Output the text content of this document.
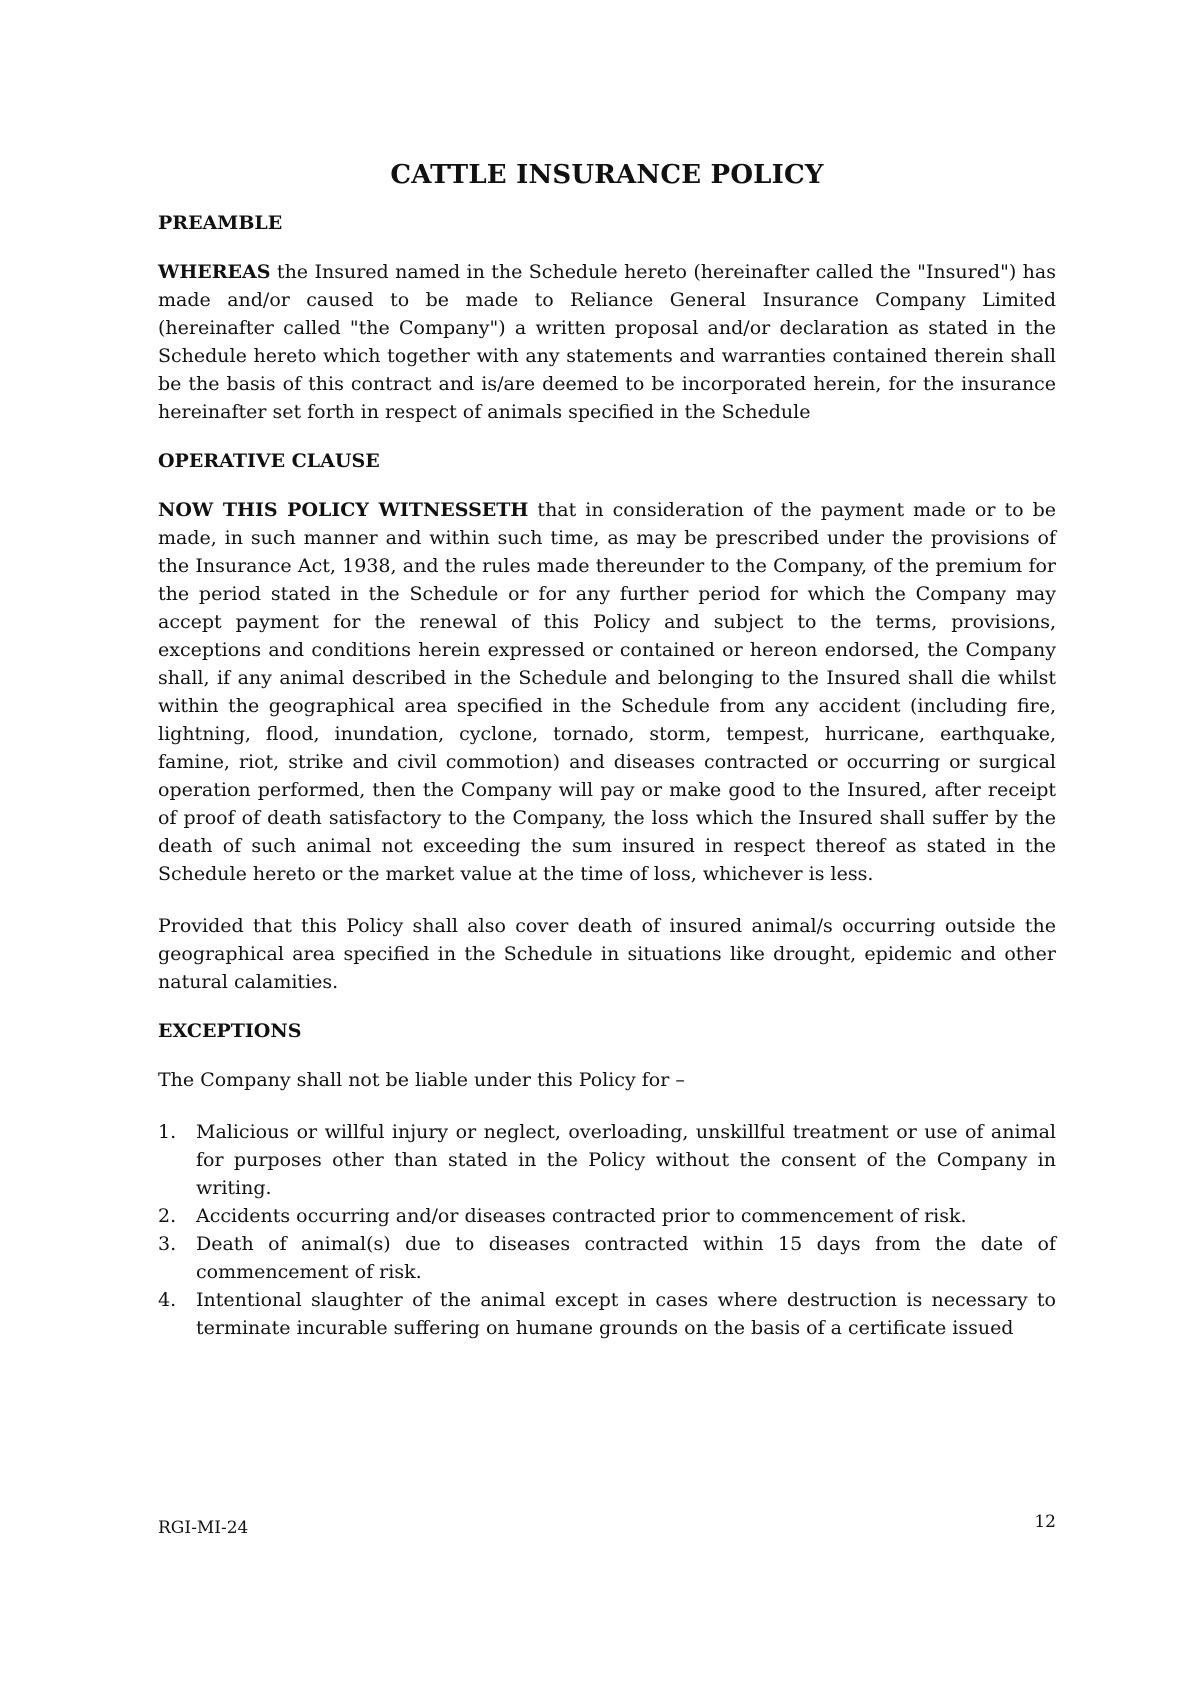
CATTLE INSURANCE POLICY
PREAMBLE

WHEREAS the Insured named in the Schedule hereto (hereinafter called the "Insured") has made and/or caused to be made to Reliance General Insurance Company Limited (hereinafter called "the Company") a written proposal and/or declaration as stated in the Schedule hereto which together with any statements and warranties contained therein shall be the basis of this contract and is/are deemed to be incorporated herein, for the insurance hereinafter set forth in respect of animals specified in the Schedule

OPERATIVE CLAUSE

NOW THIS POLICY WITNESSETH that in consideration of the payment made or to be made, in such manner and within such time, as may be prescribed under the provisions of the Insurance Act, 1938, and the rules made thereunder to the Company, of the premium for the period stated in the Schedule or for any further period for which the Company may accept payment for the renewal of this Policy and subject to the terms, provisions, exceptions and conditions herein expressed or contained or hereon endorsed, the Company shall, if any animal described in the Schedule and belonging to the Insured shall die whilst within the geographical area specified in the Schedule from any accident (including fire, lightning, flood, inundation, cyclone, tornado, storm, tempest, hurricane, earthquake, famine, riot, strike and civil commotion) and diseases contracted or occurring or surgical operation performed, then the Company will pay or make good to the Insured, after receipt of proof of death satisfactory to the Company, the loss which the Insured shall suffer by the death of such animal not exceeding the sum insured in respect thereof as stated in the Schedule hereto or the market value at the time of loss, whichever is less.

Provided that this Policy shall also cover death of insured animal/s occurring outside the geographical area specified in the Schedule in situations like drought, epidemic and other natural calamities.

EXCEPTIONS

The Company shall not be liable under this Policy for –

1.	Malicious or willful injury or neglect, overloading, unskillful treatment or use of animal for purposes other than stated in the Policy without the consent of the Company in writing.
2.	Accidents occurring and/or diseases contracted prior to commencement of risk.
3.	Death of animal(s) due to diseases contracted within 15 days from the date of commencement of risk.
4.	Intentional slaughter of the animal except in cases where destruction is necessary to terminate incurable suffering on humane grounds on the basis of a certificate issued
RGI-MI-24	12
